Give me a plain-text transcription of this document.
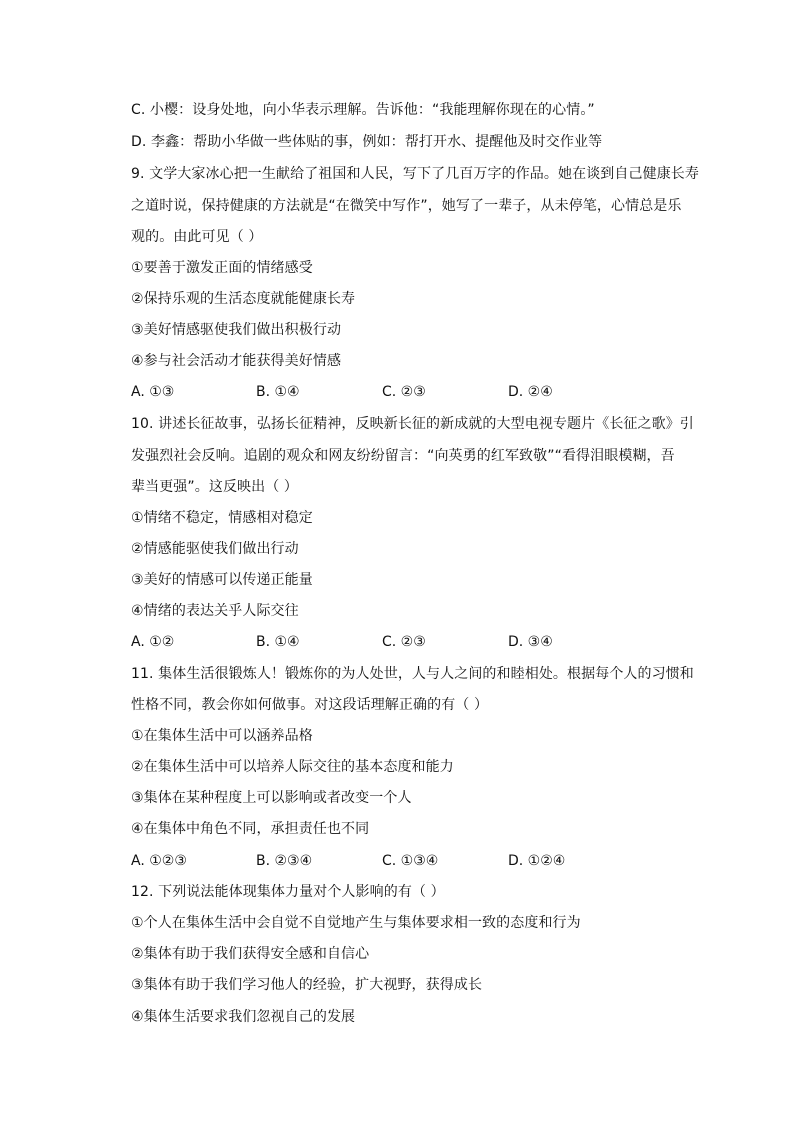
C. 小樱：设身处地，向小华表示理解。告诉他：“我能理解你现在的心情。”
D. 李鑫：帮助小华做一些体贴的事，例如：帮打开水、提醒他及时交作业等
9. 文学大家冰心把一生献给了祖国和人民，写下了几百万字的作品。她在谈到自己健康长寿
之道时说，保持健康的方法就是“在微笑中写作”，她写了一辈子，从未停笔，心情总是乐
观的。由此可见（ ）
①要善于激发正面的情绪感受
②保持乐观的生活态度就能健康长寿
③美好情感驱使我们做出积极行动
④参与社会活动才能获得美好情感
A. ①③	B. ①④	C. ②③	D. ②④
10. 讲述长征故事，弘扬长征精神，反映新长征的新成就的大型电视专题片《长征之歌》引
发强烈社会反响。追剧的观众和网友纷纷留言：“向英勇的红军致敬”“看得泪眼模糊，吾
辈当更强”。这反映出（ ）
①情绪不稳定，情感相对稳定
②情感能驱使我们做出行动
③美好的情感可以传递正能量
④情绪的表达关乎人际交往
A. ①②	B. ①④	C. ②③	D. ③④
11. 集体生活很锻炼人！锻炼你的为人处世，人与人之间的和睦相处。根据每个人的习惯和
性格不同，教会你如何做事。对这段话理解正确的有（ ）
①在集体生活中可以涵养品格
②在集体生活中可以培养人际交往的基本态度和能力
③集体在某种程度上可以影响或者改变一个人
④在集体中角色不同，承担责任也不同
A. ①②③	B. ②③④	C. ①③④	D. ①②④
12. 下列说法能体现集体力量对个人影响的有（ ）
①个人在集体生活中会自觉不自觉地产生与集体要求相一致的态度和行为
②集体有助于我们获得安全感和自信心
③集体有助于我们学习他人的经验，扩大视野，获得成长
④集体生活要求我们忽视自己的发展
